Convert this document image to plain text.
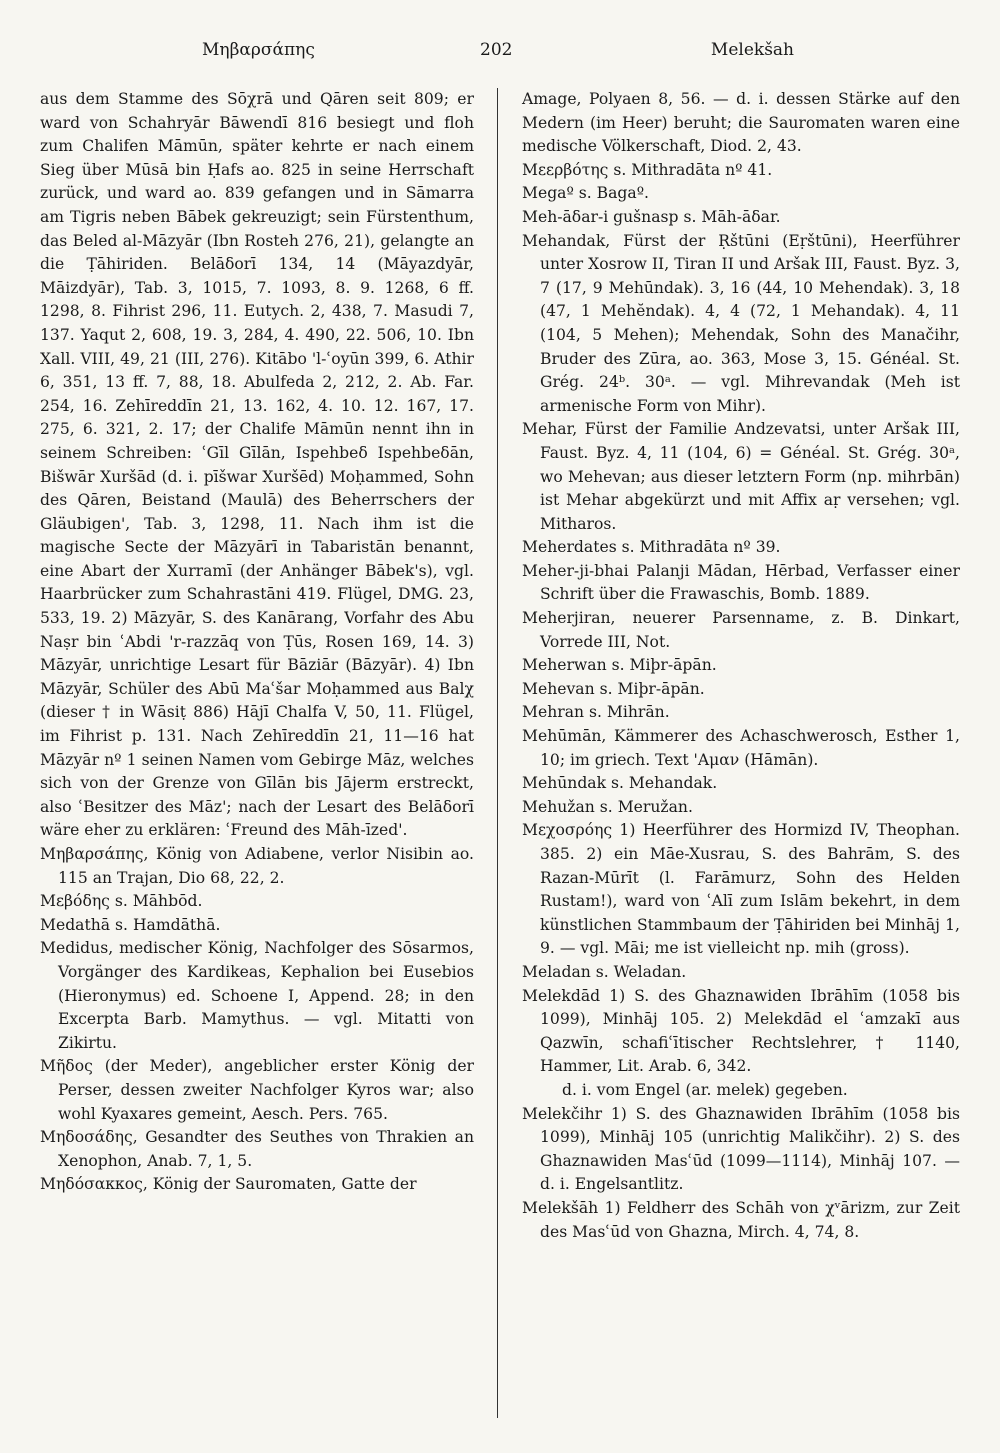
Μηβαρσάπης	202	Melekšah

aus dem Stamme des Sōχrā und Qāren seit 809; er ward von Schahryār Bāwendī 816 besiegt und floh zum Chalifen Māmūn, später kehrte er nach einem Sieg über Mūsā bin Ḥafs ao. 825 in seine Herrschaft zurück, und ward ao. 839 gefangen und in Sāmarra am Tigris neben Bābek gekreuzigt; sein Fürstenthum, das Beled al-Māzyār (Ibn Rosteh 276, 21), gelangte an die Ṭāhiriden. Belāδorī 134, 14 (Māyazdyār, Māizdyār), Tab. 3, 1015, 7. 1093, 8. 9. 1268, 6 ff. 1298, 8. Fihrist 296, 11. Eutych. 2, 438, 7. Masudi 7, 137. Yaqut 2, 608, 19. 3, 284, 4. 490, 22. 506, 10. Ibn Xall. VIII, 49, 21 (III, 276). Kitābo 'l-ʿoyūn 399, 6. Athir 6, 351, 13 ff. 7, 88, 18. Abulfeda 2, 212, 2. Ab. Far. 254, 16. Zehīreddīn 21, 13. 162, 4. 10. 12. 167, 17. 275, 6. 321, 2. 17; der Chalife Māmūn nennt ihn in seinem Schreiben: ʿGīl Gīlān, Ispehbeδ Ispehbeδān, Bišwār Xuršād (d. i. pīšwar Xuršēd) Moḥammed, Sohn des Qāren, Beistand (Maulā) des Beherrschers der Gläubigen', Tab. 3, 1298, 11. Nach ihm ist die magische Secte der Māzyārī in Tabaristān benannt, eine Abart der Xurramī (der Anhänger Bābek's), vgl. Haarbrücker zum Schahrastāni 419. Flügel, DMG. 23, 533, 19. 2) Māzyār, S. des Kanārang, Vorfahr des Abu Naṣr bin ʿAbdi 'r-razzāq von Ṭūs, Rosen 169, 14. 3) Māzyār, unrichtige Lesart für Bāziār (Bāzyār). 4) Ibn Māzyār, Schüler des Abū Maʿšar Moḥammed aus Balχ (dieser † in Wāsiṭ 886) Hājī Chalfa V, 50, 11. Flügel, im Fihrist p. 131. Nach Zehīreddīn 21, 11—16 hat Māzyār nº 1 seinen Namen vom Gebirge Māz, welches sich von der Grenze von Gīlān bis Jājerm erstreckt, also ʿBesitzer des Māz'; nach der Lesart des Belāδorī wäre eher zu erklären: ʿFreund des Māh-īzed'.

Μηβαρσάπης, König von Adiabene, verlor Nisibin ao. 115 an Trajan, Dio 68, 22, 2.

Μεβόδης s. Māhbōd.

Medathā s. Hamdāthā.

Medidus, medischer König, Nachfolger des Sōsarmos, Vorgänger des Kardikeas, Kephalion bei Eusebios (Hieronymus) ed. Schoene I, Append. 28; in den Excerpta Barb. Mamythus. — vgl. Mitatti von Zikirtu.

Μῆδος (der Meder), angeblicher erster König der Perser, dessen zweiter Nachfolger Kyros war; also wohl Kyaxares gemeint, Aesch. Pers. 765.

Μηδοσάδης, Gesandter des Seuthes von Thrakien an Xenophon, Anab. 7, 1, 5.

Μηδόσακκος, König der Sauromaten, Gatte der

Amage, Polyaen 8, 56. — d. i. dessen Stärke auf den Medern (im Heer) beruht; die Sauromaten waren eine medische Völkerschaft, Diod. 2, 43.

Μεερβότης s. Mithradāta nº 41.

Megaº s. Bagaº.

Meh-āδar-i gušnasp s. Māh-āδar.

Mehandak, Fürst der Ṛštūni (Eṛštūni), Heerführer unter Xosrow II, Tiran II und Aršak III, Faust. Byz. 3, 7 (17, 9 Mehūndak). 3, 16 (44, 10 Mehendak). 3, 18 (47, 1 Mehĕndak). 4, 4 (72, 1 Mehandak). 4, 11 (104, 5 Mehen); Mehendak, Sohn des Manačihr, Bruder des Zūra, ao. 363, Mose 3, 15. Généal. St. Grég. 24ᵇ. 30ᵃ. — vgl. Mihrevandak (Meh ist armenische Form von Mihr).

Mehar, Fürst der Familie Andzevatsi, unter Aršak III, Faust. Byz. 4, 11 (104, 6) = Généal. St. Grég. 30ᵃ, wo Mehevan; aus dieser letztern Form (np. mihrbān) ist Mehar abgekürzt und mit Affix aṛ versehen; vgl. Mitharos.

Meherdates s. Mithradāta nº 39.

Meher-ji-bhai Palanji Mādan, Hērbad, Verfasser einer Schrift über die Frawaschis, Bomb. 1889.

Meherjiran, neuerer Parsenname, z. B. Dinkart, Vorrede III, Not.

Meherwan s. Miþr-āpān.

Mehevan s. Miþr-āpān.

Mehran s. Mihrān.

Mehūmān, Kämmerer des Achaschwerosch, Esther 1, 10; im griech. Text 'Αμαν (Hāmān).

Mehūndak s. Mehandak.

Mehužan s. Meružan.

Μεχοσρόης 1) Heerführer des Hormizd IV, Theophan. 385. 2) ein Māe-Xusrau, S. des Bahrām, S. des Razan-Mūrīt (l. Farāmurz, Sohn des Helden Rustam!), ward von ʿAlī zum Islām bekehrt, in dem künstlichen Stammbaum der Ṭāhiriden bei Minhāj 1, 9. — vgl. Māi; me ist vielleicht np. mih (gross).

Meladan s. Weladan.

Melekdād 1) S. des Ghaznawiden Ibrāhīm (1058 bis 1099), Minhāj 105. 2) Melekdād el ʿamzakī aus Qazwīn, schafiʿītischer Rechtslehrer, † 1140, Hammer, Lit. Arab. 6, 342.

d. i. vom Engel (ar. melek) gegeben.

Melekčihr 1) S. des Ghaznawiden Ibrāhīm (1058 bis 1099), Minhāj 105 (unrichtig Malikčihr). 2) S. des Ghaznawiden Masʿūd (1099—1114), Minhāj 107. — d. i. Engelsantlitz.

Melekšāh 1) Feldherr des Schāh von χᵛārizm, zur Zeit des Masʿūd von Ghazna, Mirch. 4, 74, 8.
